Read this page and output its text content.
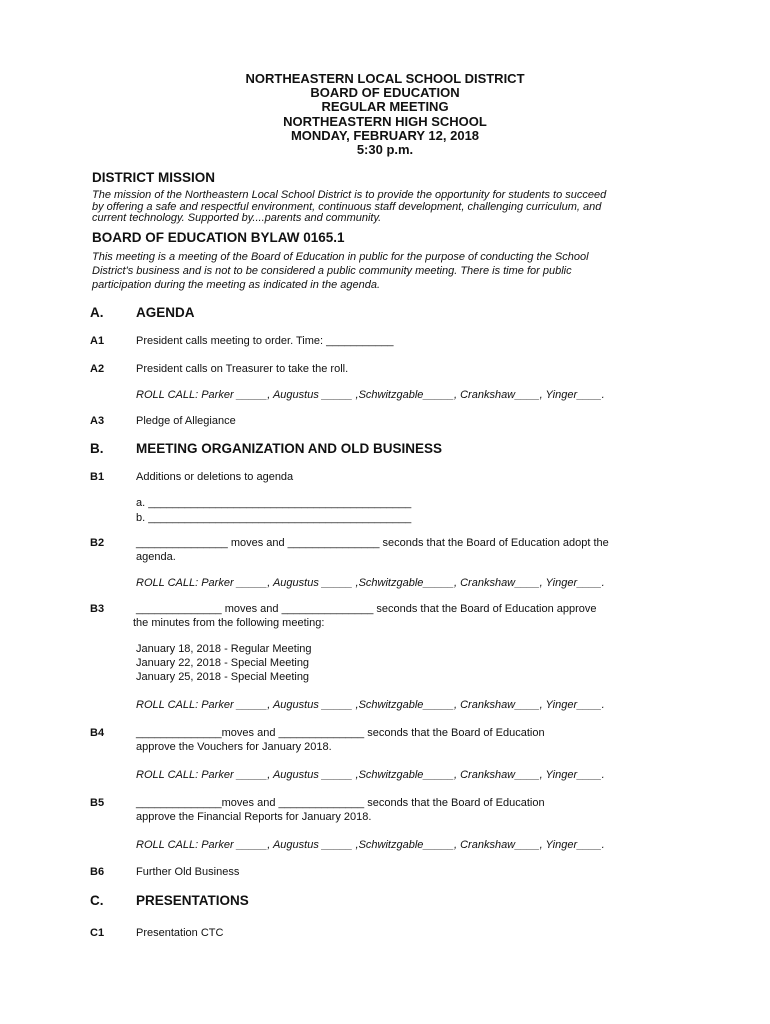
NORTHEASTERN LOCAL SCHOOL DISTRICT
BOARD OF EDUCATION
REGULAR MEETING
NORTHEASTERN HIGH SCHOOL
MONDAY, FEBRUARY 12, 2018
5:30 p.m.
DISTRICT MISSION
The mission of the Northeastern Local School District is to provide the opportunity for students to succeed
by offering a safe and respectful environment, continuous staff development, challenging curriculum, and
current technology. Supported by....parents and community.
BOARD OF EDUCATION BYLAW 0165.1
This meeting is a meeting of the Board of Education in public for the purpose of conducting the School
District's business and is not to be considered a public community meeting. There is time for public
participation during the meeting as indicated in the agenda.
A. AGENDA
A1	President calls meeting to order. Time: ___________
A2	President calls on Treasurer to take the roll.
ROLL CALL: Parker _____, Augustus _____ ,Schwitzgable_____, Crankshaw____, Yinger____.
A3	Pledge of Allegiance
B. MEETING ORGANIZATION AND OLD BUSINESS
B1	Additions or deletions to agenda
a. ___________________________________________
b. ___________________________________________
B2	_______________ moves and _______________ seconds that the Board of Education adopt the
agenda.
ROLL CALL: Parker _____, Augustus _____ ,Schwitzgable_____, Crankshaw____, Yinger____.
B3	______________ moves and _______________ seconds that the Board of Education approve
the minutes from the following meeting:
January 18, 2018 - Regular Meeting
January 22, 2018 - Special Meeting
January 25, 2018 - Special Meeting
ROLL CALL: Parker _____, Augustus _____ ,Schwitzgable_____, Crankshaw____, Yinger____.
B4	______________moves and ______________ seconds that the Board of Education
approve the Vouchers for January 2018.
ROLL CALL: Parker _____, Augustus _____ ,Schwitzgable_____, Crankshaw____, Yinger____.
B5	______________moves and ______________ seconds that the Board of Education
approve the Financial Reports for January 2018.
ROLL CALL: Parker _____, Augustus _____ ,Schwitzgable_____, Crankshaw____, Yinger____.
B6	Further Old Business
C. PRESENTATIONS
C1	Presentation CTC
